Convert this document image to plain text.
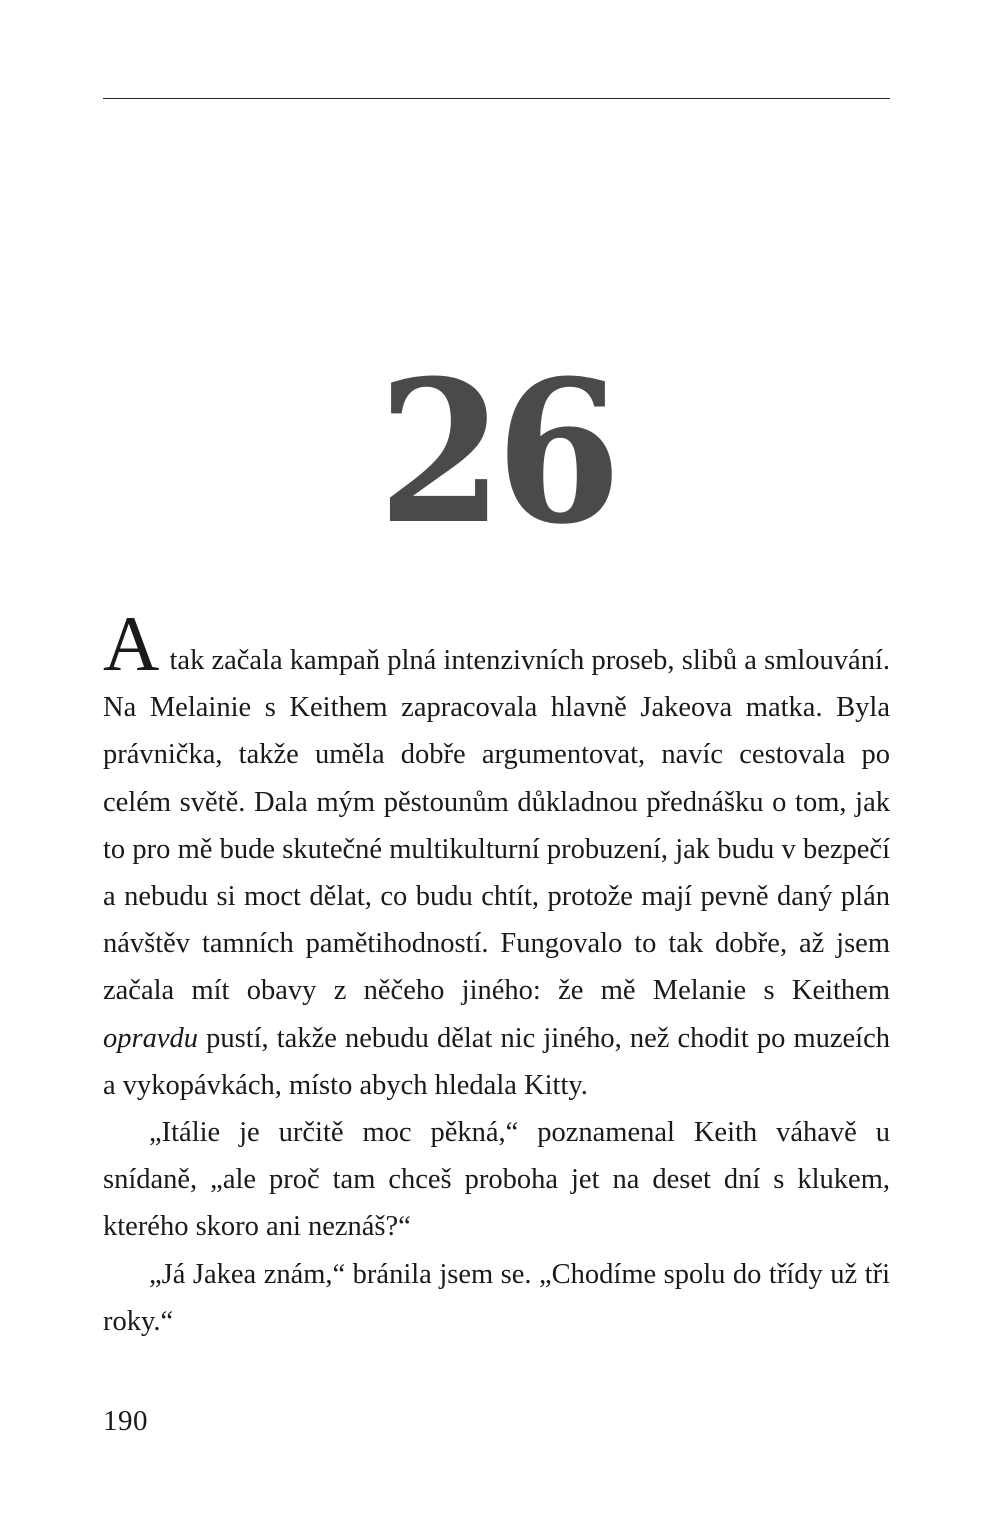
26

A tak začala kampaň plná intenzivních proseb, slibů a smlouvání. Na Melainie s Keithem zapracovala hlavně Jakeova matka. Byla právnička, takže uměla dobře argumentovat, navíc cestovala po celém světě. Dala mým pěstounům důkladnou přednášku o tom, jak to pro mě bude skutečné multikulturní probuzení, jak budu v bezpečí a nebudu si moct dělat, co budu chtít, protože mají pevně daný plán návštěv tamních pamětihodností. Fungovalo to tak dobře, až jsem začala mít obavy z něčeho jiného: že mě Melanie s Keithem opravdu pustí, takže nebudu dělat nic jiného, než chodit po muzeích a vykopávkách, místo abych hledala Kitty.

„Itálie je určitě moc pěkná,“ poznamenal Keith váhavě u snídaně, „ale proč tam chceš proboha jet na deset dní s klukem, kterého skoro ani neznáš?“

„Já Jakea znám,“ bránila jsem se. „Chodíme spolu do třídy už tři roky.“

190
